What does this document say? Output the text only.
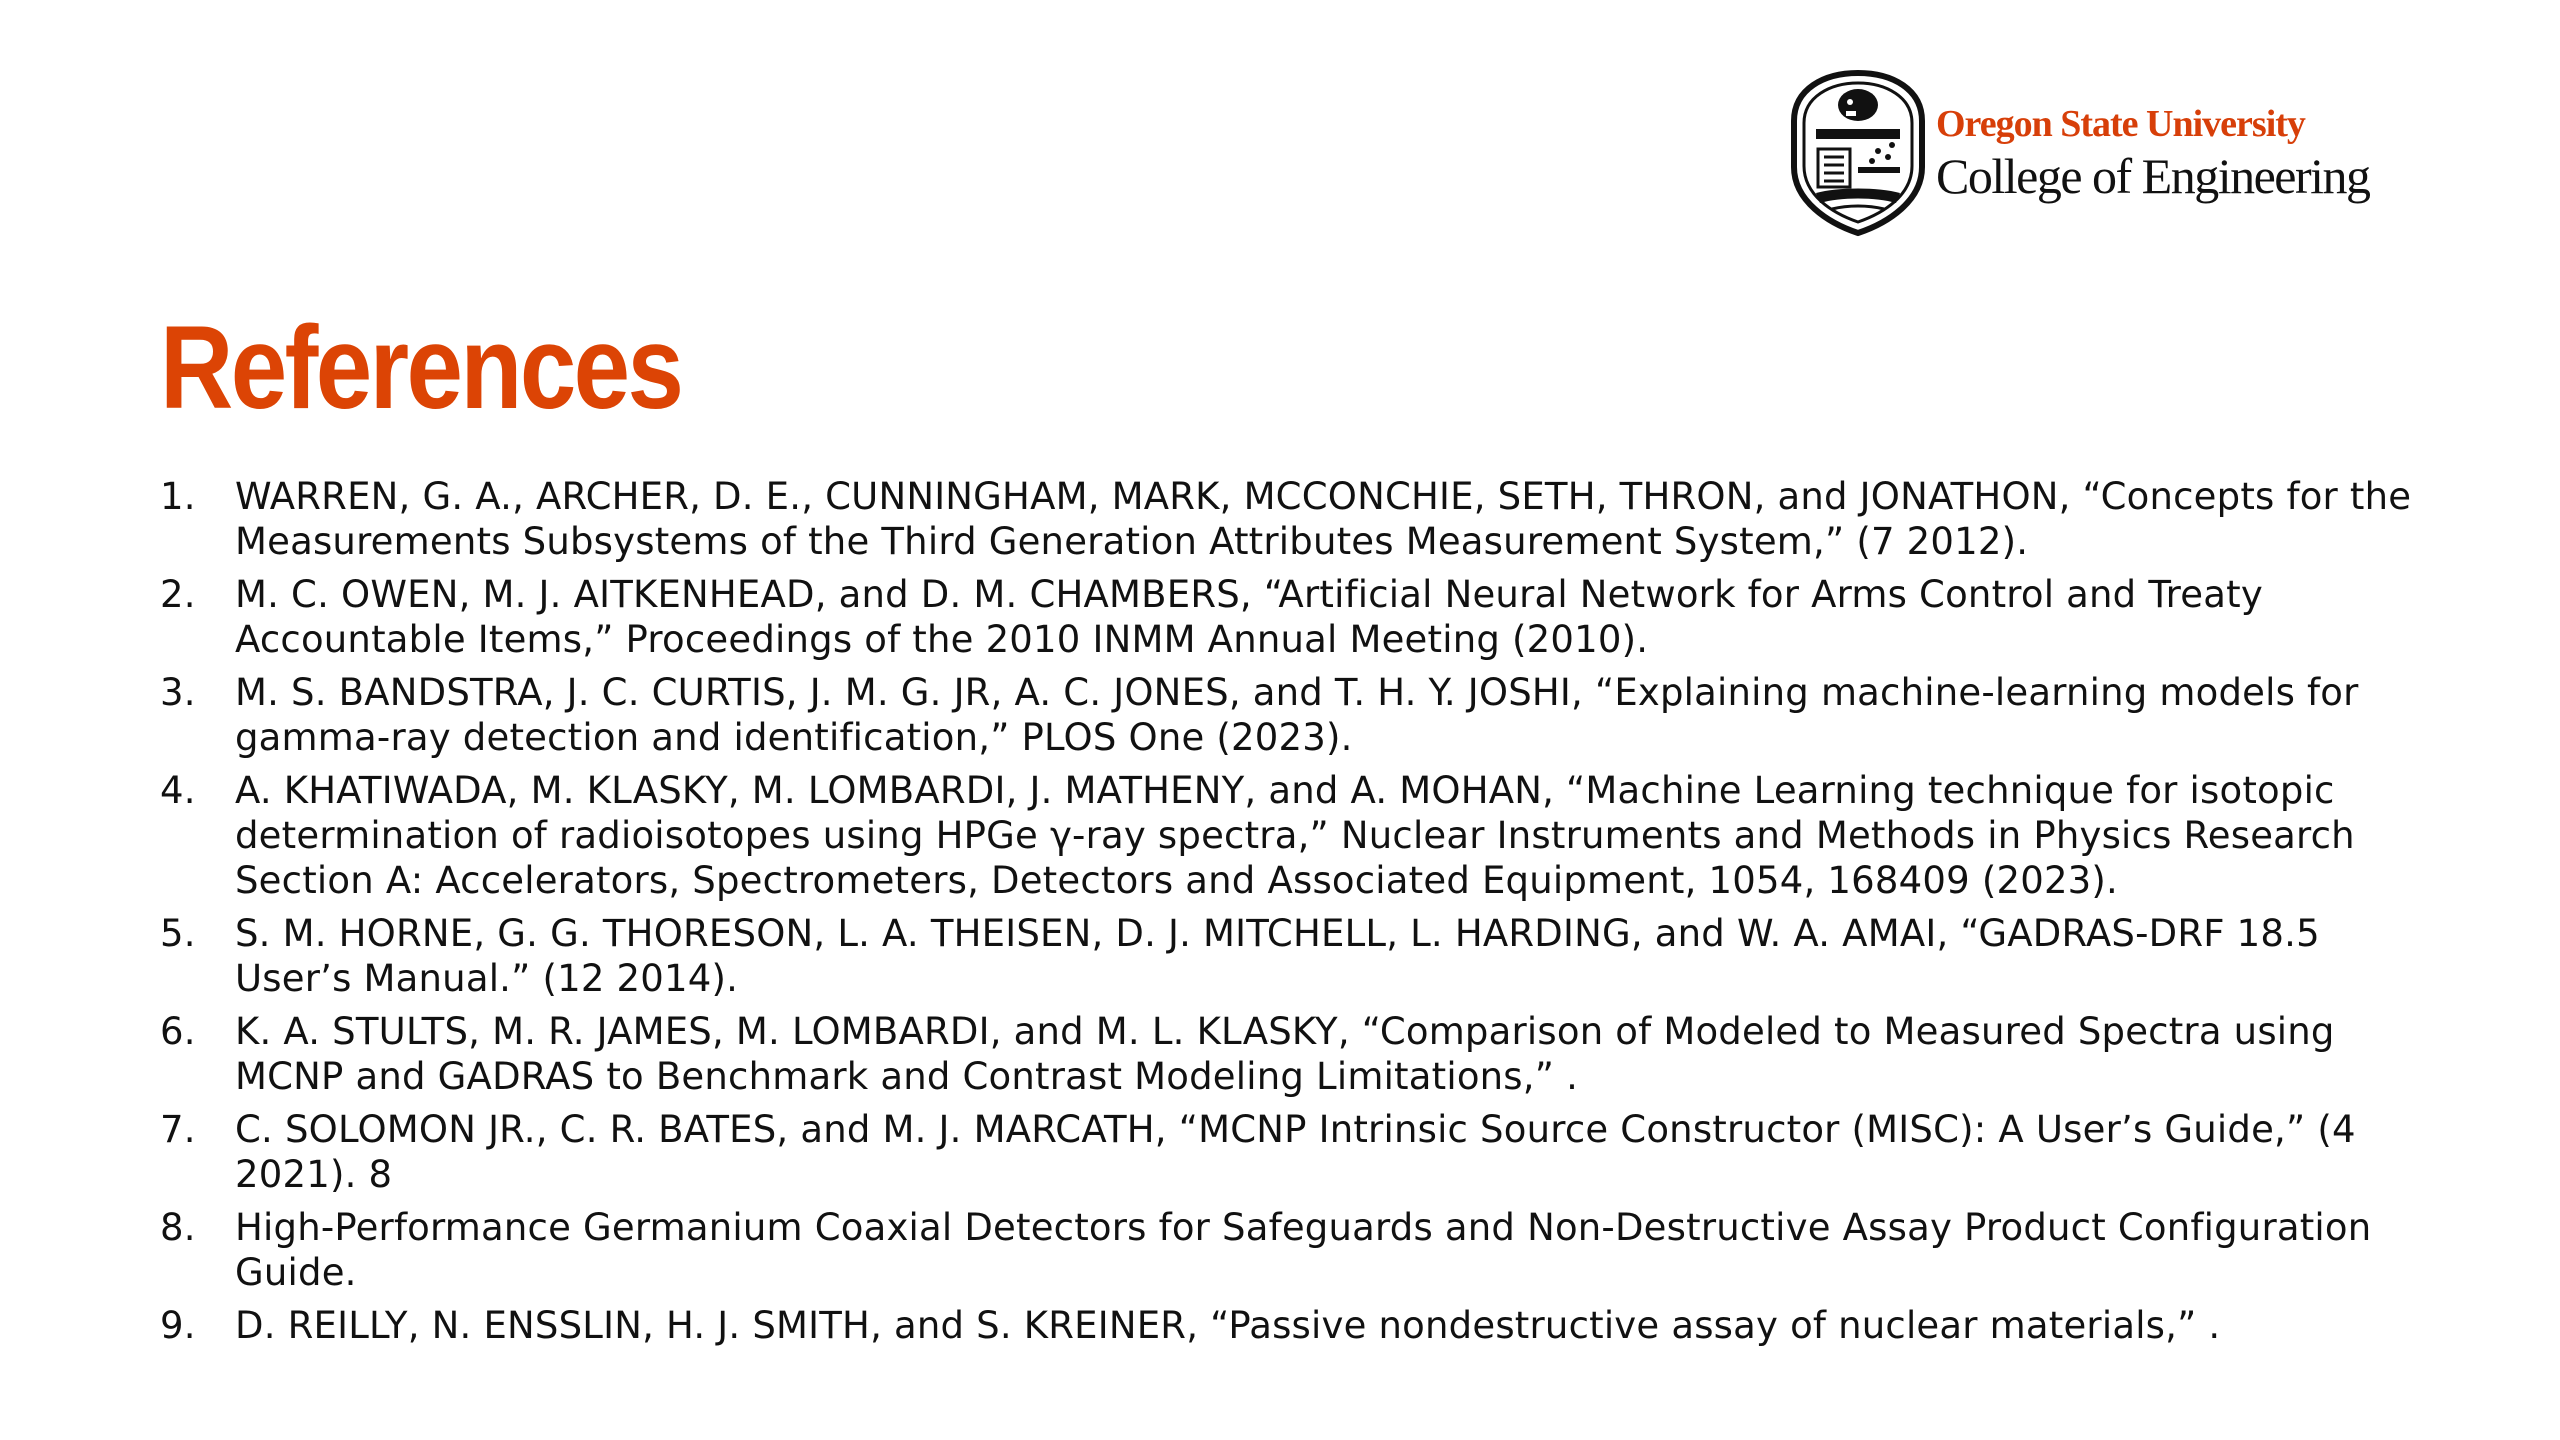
Oregon State University
College of Engineering
References
1.	WARREN, G. A., ARCHER, D. E., CUNNINGHAM, MARK, MCCONCHIE, SETH, THRON, and JONATHON, “Concepts for the Measurements Subsystems of the Third Generation Attributes Measurement System,” (7 2012).
2.	M. C. OWEN, M. J. AITKENHEAD, and D. M. CHAMBERS, “Artificial Neural Network for Arms Control and Treaty Accountable Items,” Proceedings of the 2010 INMM Annual Meeting (2010).
3.	M. S. BANDSTRA, J. C. CURTIS, J. M. G. JR, A. C. JONES, and T. H. Y. JOSHI, “Explaining machine-learning models for gamma-ray detection and identification,” PLOS One (2023).
4.	A. KHATIWADA, M. KLASKY, M. LOMBARDI, J. MATHENY, and A. MOHAN, “Machine Learning technique for isotopic determination of radioisotopes using HPGe γ-ray spectra,” Nuclear Instruments and Methods in Physics Research Section A: Accelerators, Spectrometers, Detectors and Associated Equipment, 1054, 168409 (2023).
5.	S. M. HORNE, G. G. THORESON, L. A. THEISEN, D. J. MITCHELL, L. HARDING, and W. A. AMAI, “GADRAS-DRF 18.5 User’s Manual.” (12 2014).
6.	K. A. STULTS, M. R. JAMES, M. LOMBARDI, and M. L. KLASKY, “Comparison of Modeled to Measured Spectra using MCNP and GADRAS to Benchmark and Contrast Modeling Limitations,” .
7.	C. SOLOMON JR., C. R. BATES, and M. J. MARCATH, “MCNP Intrinsic Source Constructor (MISC): A User’s Guide,” (4 2021). 8
8.	High-Performance Germanium Coaxial Detectors for Safeguards and Non-Destructive Assay Product Configuration Guide.
9.	D. REILLY, N. ENSSLIN, H. J. SMITH, and S. KREINER, “Passive nondestructive assay of nuclear materials,” .
